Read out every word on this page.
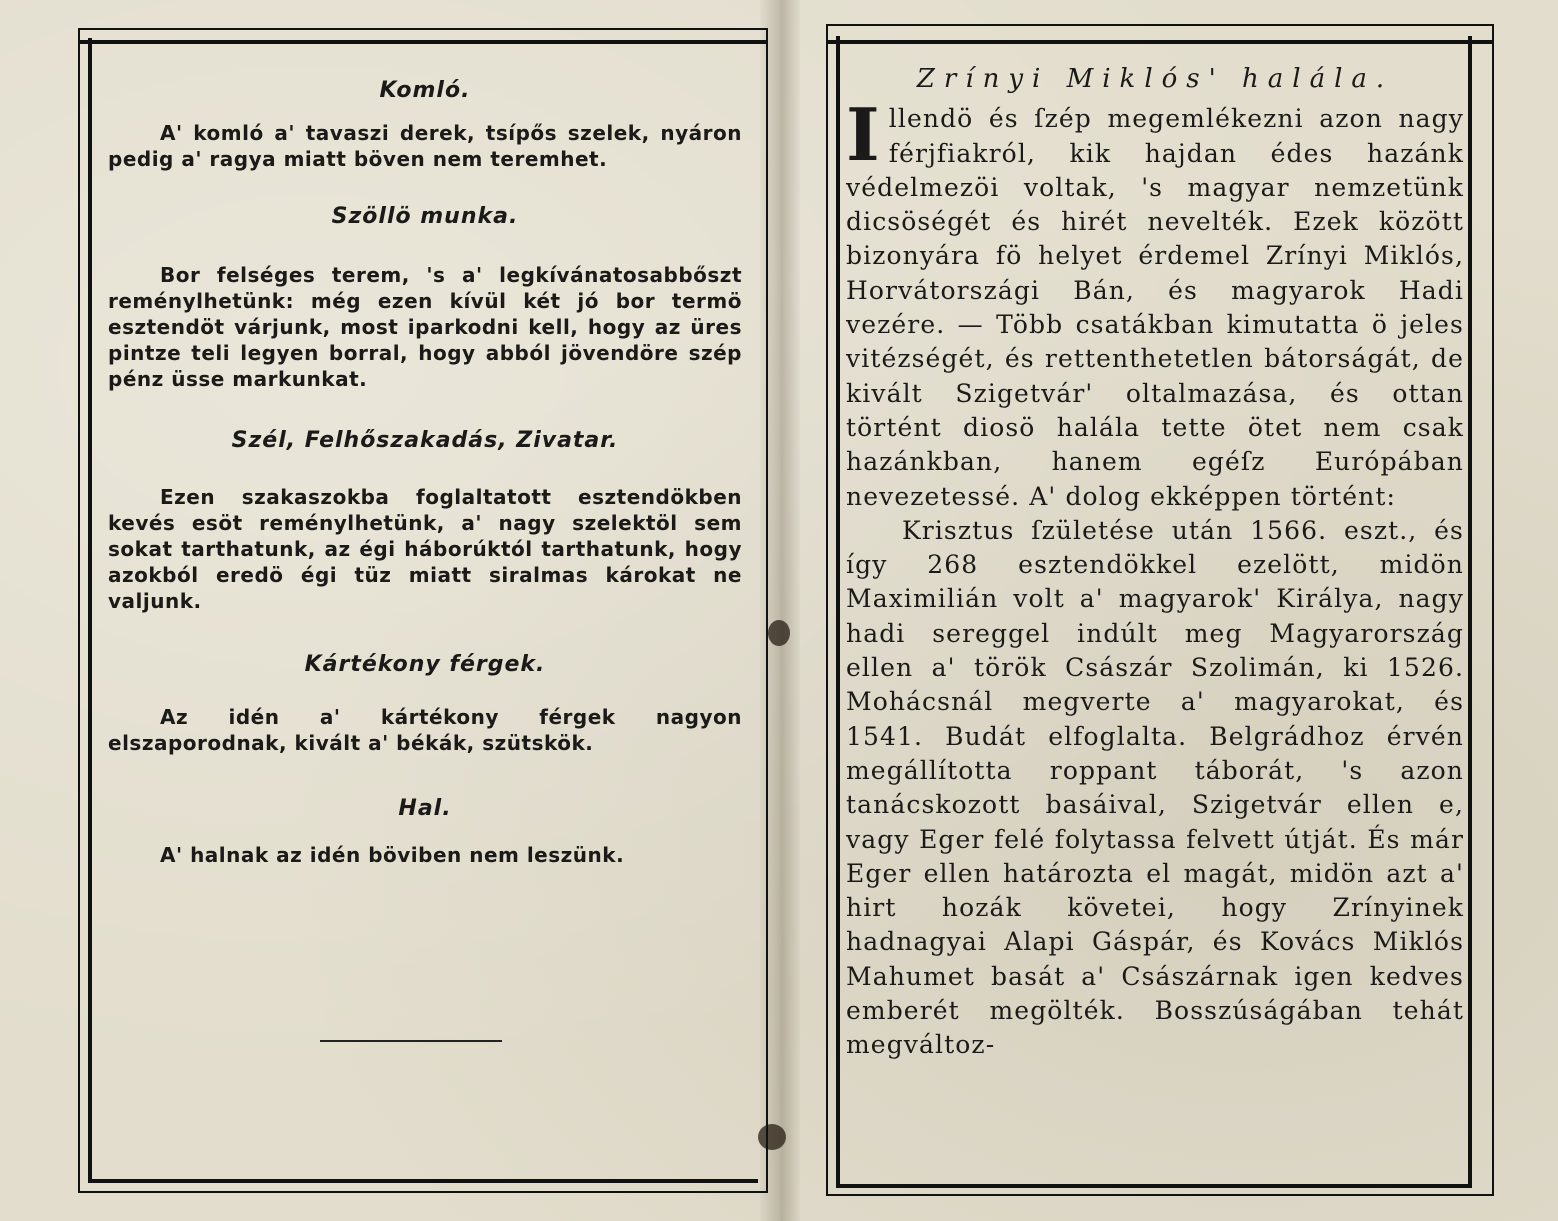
Komló.

A' komló a' tavaszi derek, tsípős szelek, nyáron pedig a' ragya miatt böven nem teremhet.

Szöllö munka.

Bor felséges terem, 's a' legkívánatosabbőszt reménylhetünk: még ezen kívül két jó bor termö esztendöt várjunk, most iparkodni kell, hogy az üres pintze teli legyen borral, hogy abból jövendöre szép pénz üsse markunkat.

Szél, Felhőszakadás, Zivatar.

Ezen szakaszokba foglaltatott esztendökben kevés esöt reménylhetünk, a' nagy szelektöl sem sokat tarthatunk, az égi háborúktól tarthatunk, hogy azokból eredö égi tüz miatt siralmas károkat ne valjunk.

Kártékony férgek.

Az idén a' kártékony férgek nagyon elszaporodnak, kivált a' békák, szütskök.

Hal.

A' halnak az idén böviben nem leszünk.

Zrínyi Miklós' halála.

Illendö és ſzép megemlékezni azon nagy férjfiakról, kik hajdan édes hazánk védelmezöi voltak, 's magyar nemzetünk dicsöségét és hirét nevelték. Ezek között bizonyára fö helyet érdemel Zrínyi Miklós, Horvátországi Bán, és magyarok Hadi vezére. — Több csatákban kimutatta ö jeles vitézségét, és rettenthetetlen bátorságát, de kivált Szigetvár' oltalmazása, és ottan történt diosö halála tette ötet nem csak hazánkban, hanem egéſz Európában nevezetessé. A' dolog ekképpen történt:

Krisztus ſzületése után 1566. eszt., és így 268 esztendökkel ezelött, midön Maximilián volt a' magyarok' Királya, nagy hadi sereggel indúlt meg Magyarország ellen a' török Császár Szolimán, ki 1526. Mohácsnál megverte a' magyarokat, és 1541. Budát elfoglalta. Belgrádhoz érvén megállította roppant táborát, 's azon tanácskozott basáival, Szigetvár ellen e, vagy Eger felé folytassa felvett útját. És már Eger ellen határozta el magát, midön azt a' hirt hozák követei, hogy Zrínyinek hadnagyai Alapi Gáspár, és Kovács Miklós Mahumet basát a' Császárnak igen kedves emberét megölték. Bosszúságában tehát megváltoz-
